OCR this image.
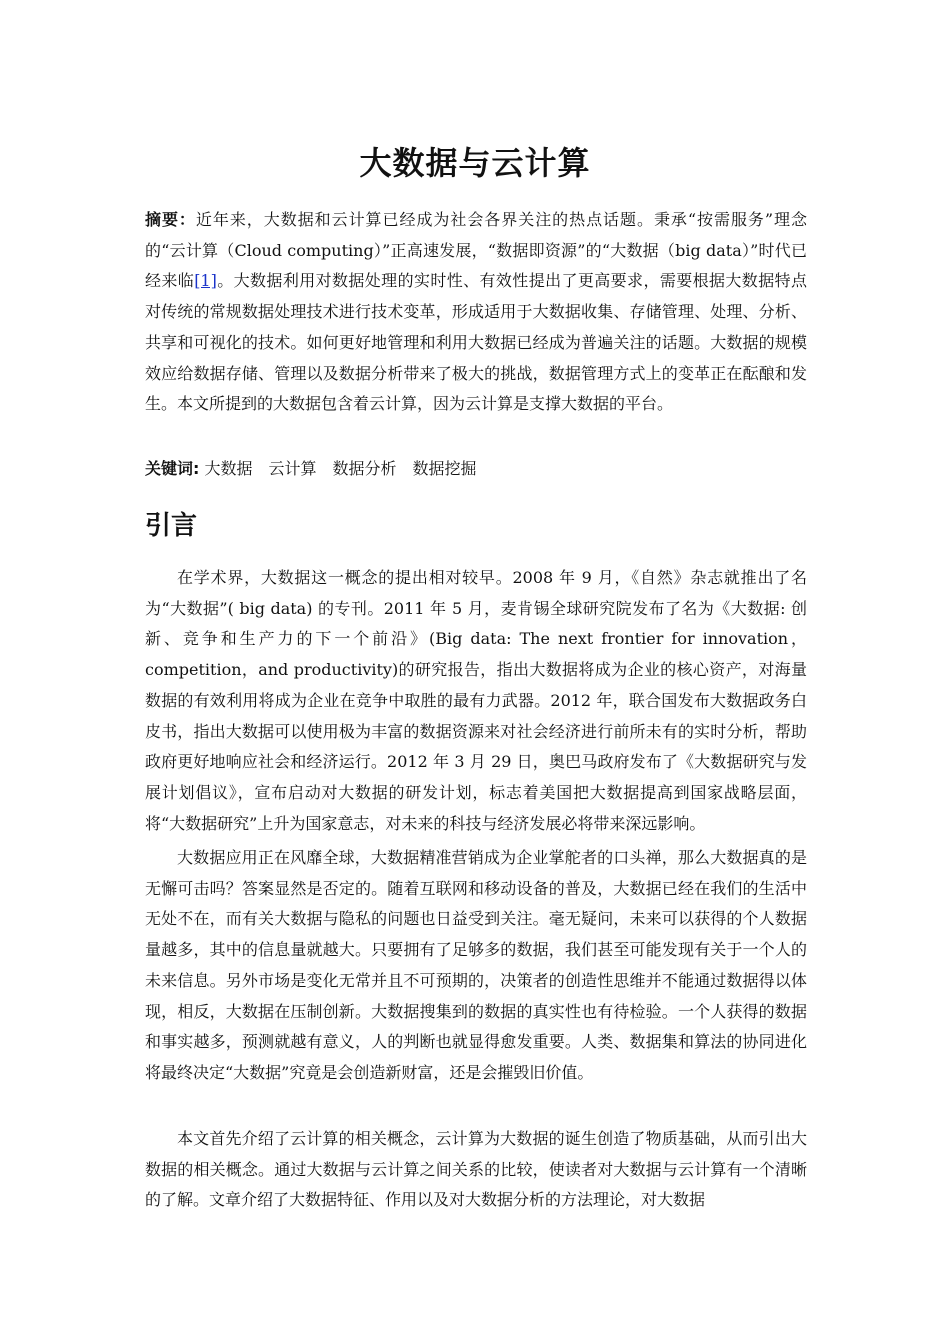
大数据与云计算

摘要：近年来，大数据和云计算已经成为社会各界关注的热点话题。秉承“按需服务”理念的“云计算（Cloud computing）”正高速发展，“数据即资源”的“大数据（big data）”时代已经来临[1]。大数据利用对数据处理的实时性、有效性提出了更高要求，需要根据大数据特点对传统的常规数据处理技术进行技术变革，形成适用于大数据收集、存储管理、处理、分析、共享和可视化的技术。如何更好地管理和利用大数据已经成为普遍关注的话题。大数据的规模效应给数据存储、管理以及数据分析带来了极大的挑战，数据管理方式上的变革正在酝酿和发生。本文所提到的大数据包含着云计算，因为云计算是支撑大数据的平台。

关键词: 大数据 云计算 数据分析 数据挖掘

引言

在学术界，大数据这一概念的提出相对较早。2008 年 9 月，《自然》杂志就推出了名为“大数据”( big data) 的专刊。2011 年 5 月，麦肯锡全球研究院发布了名为《大数据: 创新、竞争和生产力的下一个前沿》(Big data: The next frontier for innovation，competition，and productivity)的研究报告，指出大数据将成为企业的核心资产，对海量数据的有效利用将成为企业在竞争中取胜的最有力武器。2012 年，联合国发布大数据政务白皮书，指出大数据可以使用极为丰富的数据资源来对社会经济进行前所未有的实时分析，帮助政府更好地响应社会和经济运行。2012 年 3 月 29 日，奥巴马政府发布了《大数据研究与发展计划倡议》，宣布启动对大数据的研发计划，标志着美国把大数据提高到国家战略层面，将“大数据研究”上升为国家意志，对未来的科技与经济发展必将带来深远影响。

大数据应用正在风靡全球，大数据精准营销成为企业掌舵者的口头禅，那么大数据真的是无懈可击吗？答案显然是否定的。随着互联网和移动设备的普及，大数据已经在我们的生活中无处不在，而有关大数据与隐私的问题也日益受到关注。毫无疑问，未来可以获得的个人数据量越多，其中的信息量就越大。只要拥有了足够多的数据，我们甚至可能发现有关于一个人的未来信息。另外市场是变化无常并且不可预期的，决策者的创造性思维并不能通过数据得以体现，相反，大数据在压制创新。大数据搜集到的数据的真实性也有待检验。一个人获得的数据和事实越多，预测就越有意义，人的判断也就显得愈发重要。人类、数据集和算法的协同进化将最终决定“大数据”究竟是会创造新财富，还是会摧毁旧价值。

本文首先介绍了云计算的相关概念，云计算为大数据的诞生创造了物质基础，从而引出大数据的相关概念。通过大数据与云计算之间关系的比较，使读者对大数据与云计算有一个清晰的了解。文章介绍了大数据特征、作用以及对大数据分析的方法理论，对大数据
